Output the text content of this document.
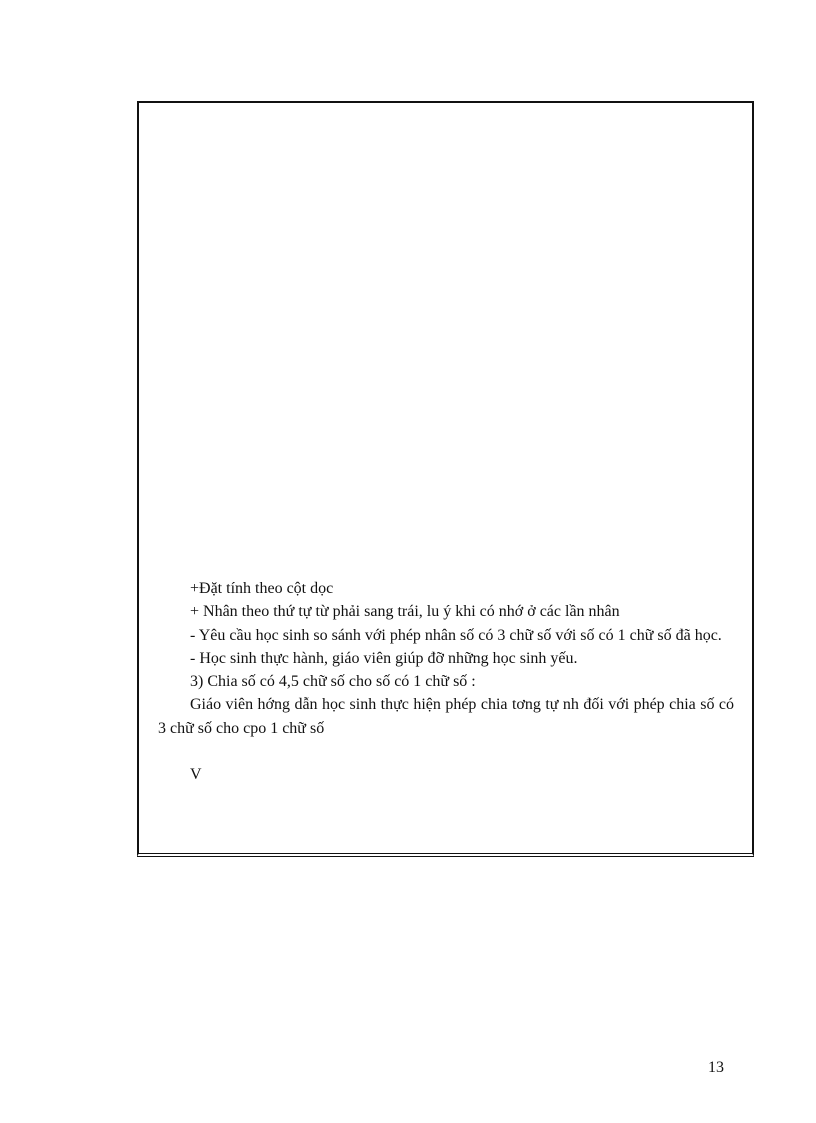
+Đặt tính theo cột dọc

+ Nhân theo thứ tự từ phải sang trái, lu ý khi có nhớ ở các lần nhân

- Yêu cầu học sinh so sánh với phép nhân số có 3 chữ số với số có 1 chữ số đã học.

- Học sinh thực hành, giáo viên giúp đỡ những học sinh yếu.

3) Chia số có 4,5 chữ số cho số có 1 chữ số :

Giáo viên hớng dẫn học sinh thực hiện phép chia tơng tự nh đối với phép chia số có 3 chữ số cho cpo 1 chữ số

V

13
